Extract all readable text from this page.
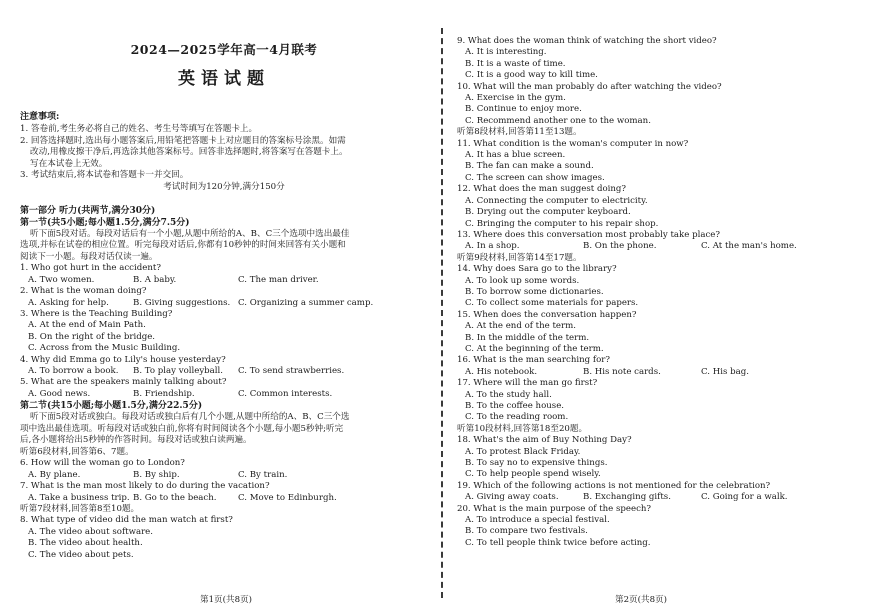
2024—2025学年高一4月联考
英语试题
注意事项:
1. 答卷前,考生务必将自己的姓名、考生号等填写在答题卡上。
2. 回答选择题时,选出每小题答案后,用铅笔把答题卡上对应题目的答案标号涂黑。如需
改动,用橡皮擦干净后,再选涂其他答案标号。回答非选择题时,将答案写在答题卡上。
写在本试卷上无效。
3. 考试结束后,将本试卷和答题卡一并交回。
考试时间为120分钟,满分150分
第一部分 听力(共两节,满分30分)
第一节(共5小题;每小题1.5分,满分7.5分)
听下面5段对话。每段对话后有一个小题,从题中所给的A、B、C三个选项中选出最佳
选项,并标在试卷的相应位置。听完每段对话后,你都有10秒钟的时间来回答有关小题和
阅读下一小题。每段对话仅读一遍。
1. Who got hurt in the accident?
A. Two women.	B. A baby.	C. The man driver.
2. What is the woman doing?
A. Asking for help.	B. Giving suggestions. C. Organizing a summer camp.
3. Where is the Teaching Building?
A. At the end of Main Path.
B. On the right of the bridge.
C. Across from the Music Building.
4. Why did Emma go to Lily's house yesterday?
A. To borrow a book.	B. To play volleyball.	C. To send strawberries.
5. What are the speakers mainly talking about?
A. Good news.	B. Friendship.	C. Common interests.
第二节(共15小题;每小题1.5分,满分22.5分)
听下面5段对话或独白。每段对话或独白后有几个小题,从题中所给的A、B、C三个选
项中选出最佳选项。听每段对话或独白前,你将有时间阅读各个小题,每小题5秒钟;听完
后,各小题将给出5秒钟的作答时间。每段对话或独白读两遍。
听第6段材料,回答第6、7题。
6. How will the woman go to London?
A. By plane.	B. By ship.	C. By train.
7. What is the man most likely to do during the vacation?
A. Take a business trip. B. Go to the beach.	C. Move to Edinburgh.
听第7段材料,回答第8至10题。
8. What type of video did the man watch at first?
A. The video about software.
B. The video about health.
C. The video about pets.
第1页(共8页)
9. What does the woman think of watching the short video?
A. It is interesting.
B. It is a waste of time.
C. It is a good way to kill time.
10. What will the man probably do after watching the video?
A. Exercise in the gym.
B. Continue to enjoy more.
C. Recommend another one to the woman.
听第8段材料,回答第11至13题。
11. What condition is the woman's computer in now?
A. It has a blue screen.
B. The fan can make a sound.
C. The screen can show images.
12. What does the man suggest doing?
A. Connecting the computer to electricity.
B. Drying out the computer keyboard.
C. Bringing the computer to his repair shop.
13. Where does this conversation most probably take place?
A. In a shop.	B. On the phone.	C. At the man's home.
听第9段材料,回答第14至17题。
14. Why does Sara go to the library?
A. To look up some words.
B. To borrow some dictionaries.
C. To collect some materials for papers.
15. When does the conversation happen?
A. At the end of the term.
B. In the middle of the term.
C. At the beginning of the term.
16. What is the man searching for?
A. His notebook.	B. His note cards.	C. His bag.
17. Where will the man go first?
A. To the study hall.
B. To the coffee house.
C. To the reading room.
听第10段材料,回答第18至20题。
18. What's the aim of Buy Nothing Day?
A. To protest Black Friday.
B. To say no to expensive things.
C. To help people spend wisely.
19. Which of the following actions is not mentioned for the celebration?
A. Giving away coats.	B. Exchanging gifts.	C. Going for a walk.
20. What is the main purpose of the speech?
A. To introduce a special festival.
B. To compare two festivals.
C. To tell people think twice before acting.
第2页(共8页)
